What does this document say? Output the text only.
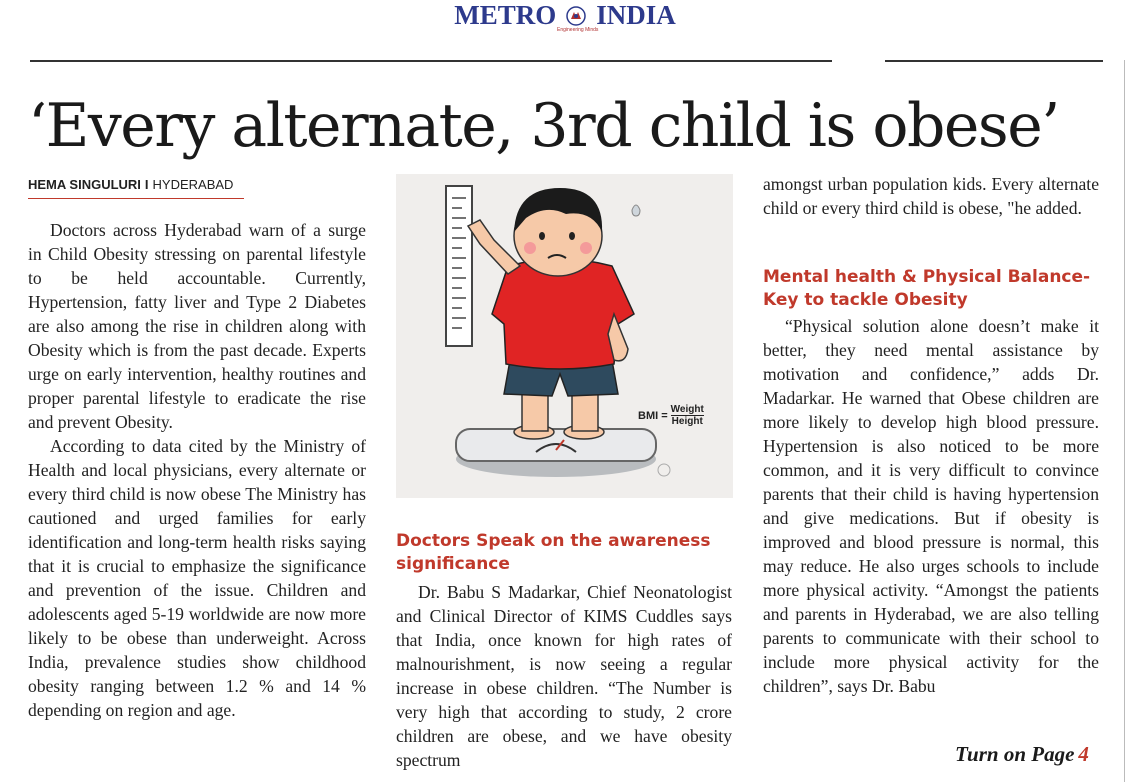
METRO INDIA
Engineering Minds
‘Every alternate, 3rd child is obese’
HEMA SINGULURI I HYDERABAD

Doctors across Hyderabad warn of a surge in Child Obesity stressing on parental lifestyle to be held accountable. Currently, Hypertension, fatty liver and Type 2 Diabetes are also among the rise in children along with Obesity which is from the past decade. Experts urge on early intervention, healthy routines and proper parental lifestyle to eradicate the rise and prevent Obesity.

According to data cited by the Ministry of Health and local physicians, every alternate or every third child is now obese The Ministry has cautioned and urged families for early identification and long-term health risks saying that it is crucial to emphasize the significance and prevention of the issue. Children and adolescents aged 5-19 worldwide are now more likely to be obese than underweight. Across India, prevalence studies show childhood obesity ranging between 1.2 % and 14 % depending on region and age.

BMI = Weight
Height
Doctors Speak on the awareness significance

Dr. Babu S Madarkar, Chief Neonatologist and Clinical Director of KIMS Cuddles says that India, once known for high rates of malnourishment, is now seeing a regular increase in obese children. “The Number is very high that according to study, 2 crore children are obese, and we have obesity spectrum

amongst urban population kids. Every alternate child or every third child is obese, "he added.

Mental health & Physical Balance- Key to tackle Obesity

“Physical solution alone doesn’t make it better, they need mental assistance by motivation and confidence,” adds Dr. Madarkar. He warned that Obese children are more likely to develop high blood pressure. Hypertension is also noticed to be more common, and it is very difficult to convince parents that their child is having hypertension and give medications. But if obesity is improved and blood pressure is normal, this may reduce. He also urges schools to include more physical activity. “Amongst the patients and parents in Hyderabad, we are also telling parents to communicate with their school to include more physical activity for the children”, says Dr. Babu

Turn on Page 4
